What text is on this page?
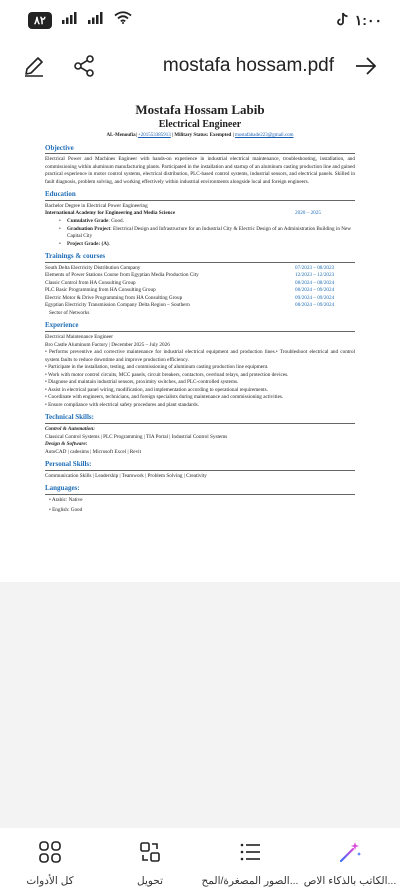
٨٢	١:٠٠
mostafa hossam.pdf
Mostafa Hossam Labib
Electrical Engineer
AL-Menoufia| +201553385913 | Military Status: Exempted | mostafabade223@gmail.com
Objective
Electrical Power and Machines Engineer with hands-on experience in industrial electrical maintenance, troubleshooting, installation, and commissioning within aluminum manufacturing plants. Participated in the installation and startup of an aluminum casting production line and gained practical experience in motor control systems, electrical distribution, PLC-based control systems, industrial sensors, and electrical panels. Skilled in fault diagnosis, problem solving, and working effectively within industrial environments alongside local and foreign engineers.
Education
Bachelor Degree in Electrical Power Engineering
International Academy for Engineering and Media Science	2020 – 2025
• Cumulative Grade: Good.
• Graduation Project: Electrical Design and Infrastructure for an Industrial City & Electric Design of an Administration Building in New Capital City
• Project Grade: (A).
Trainings & courses
South Delta Electricity Distribution Company	07/2023 – 08/2023
Elements of Power Stations Course from Egyptian Media Production City	12/2023 – 12/2023
Classic Control from HA Consulting Group	08/2024 – 08/2024
PLC Basic Programming from HA Consulting Group	08/2024 – 09/2024
Electric Motor & Drive Programming from HA Consulting Group	09/2024 – 09/2024
Egyptian Electricity Transmission Company Delta Region – Southern	08/2024 – 09/2024
Sector of Networks
Experience
Electrical Maintenance Engineer
Bro Castle Aluminum Factory | December 2025 – July 2026
• Performs preventive and corrective maintenance for industrial electrical equipment and production lines.• Troubleshoot electrical and control system faults to reduce downtime and improve production efficiency.
• Participate in the installation, testing, and commissioning of aluminum casting production line equipment.
• Work with motor control circuits, MCC panels, circuit breakers, contactors, overload relays, and protection devices.
• Diagnose and maintain industrial sensors, proximity switches, and PLC-controlled systems.
• Assist in electrical panel wiring, modification, and implementation according to operational requirements.
• Coordinate with engineers, technicians, and foreign specialists during maintenance and commissioning activities.
• Ensure compliance with electrical safety procedures and plant standards.
Technical Skills:
Control & Automation:
Classical Control Systems | PLC Programming | TIA Portal | Industrial Control Systems
Design & Software:
AutoCAD | cadesims | Microsoft Excel | Revit
Personal Skills:
Communication Skills | Leadership | Teamwork | Problem Solving | Creativity
Languages:
• Arabic: Native
• English: Good
كل الأدوات	تحويل	الصور المصغرة/المح... الكاتب بالذكاء الاص...
